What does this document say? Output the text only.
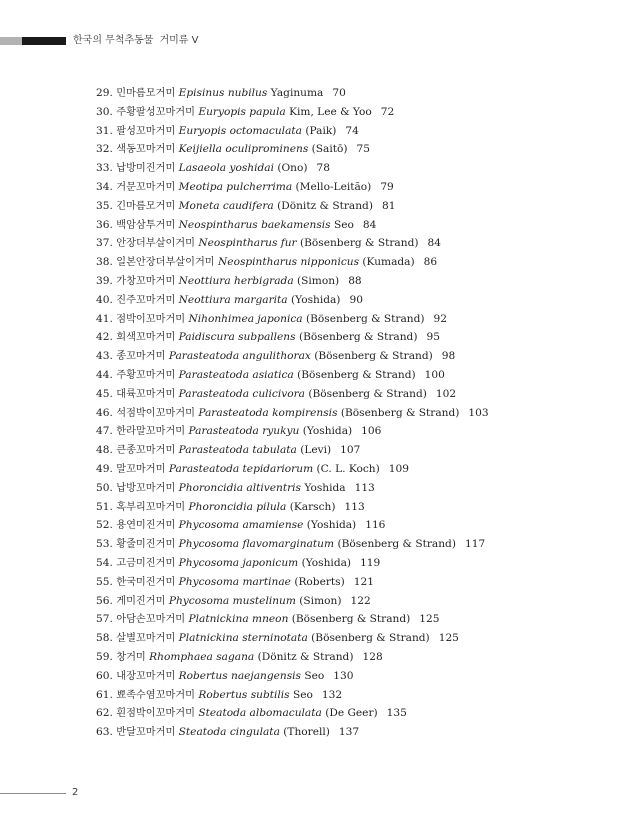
한국의 무척추동물 거미류 V
29. 민마름모거미 Episinus nubilus Yaginuma 70
30. 주황팔성꼬마거미 Euryopis papula Kim, Lee & Yoo 72
31. 팔성꼬마거미 Euryopis octomaculata (Paik) 74
32. 색동꼬마거미 Keijiella oculiprominens (Saitō) 75
33. 납방미진거미 Lasaeola yoshidai (Ono) 78
34. 거문꼬마거미 Meotipa pulcherrima (Mello-Leitão) 79
35. 긴마름모거미 Moneta caudifera (Dönitz & Strand) 81
36. 백암삼투거미 Neospintharus baekamensis Seo 84
37. 안장더부살이거미 Neospintharus fur (Bösenberg & Strand) 84
38. 일본안장더부살이거미 Neospintharus nipponicus (Kumada) 86
39. 가창꼬마거미 Neottiura herbigrada (Simon) 88
40. 진주꼬마거미 Neottiura margarita (Yoshida) 90
41. 점박이꼬마거미 Nihonhimea japonica (Bösenberg & Strand) 92
42. 회색꼬마거미 Paidiscura subpallens (Bösenberg & Strand) 95
43. 종꼬마거미 Parasteatoda angulithorax (Bösenberg & Strand) 98
44. 주황꼬마거미 Parasteatoda asiatica (Bösenberg & Strand) 100
45. 대륙꼬마거미 Parasteatoda culicivora (Bösenberg & Strand) 102
46. 석점박이꼬마거미 Parasteatoda kompirensis (Bösenberg & Strand) 103
47. 한라말꼬마거미 Parasteatoda ryukyu (Yoshida) 106
48. 큰종꼬마거미 Parasteatoda tabulata (Levi) 107
49. 말꼬마거미 Parasteatoda tepidariorum (C. L. Koch) 109
50. 납방꼬마거미 Phoroncidia altiventris Yoshida 113
51. 혹부리꼬마거미 Phoroncidia pilula (Karsch) 113
52. 용연미진거미 Phycosoma amamiense (Yoshida) 116
53. 황줄미진거미 Phycosoma flavomarginatum (Bösenberg & Strand) 117
54. 고금미진거미 Phycosoma japonicum (Yoshida) 119
55. 한국미진거미 Phycosoma martinae (Roberts) 121
56. 게미진거미 Phycosoma mustelinum (Simon) 122
57. 아담손꼬마거미 Platnickina mneon (Bösenberg & Strand) 125
58. 살별꼬마거미 Platnickina sterninotata (Bösenberg & Strand) 125
59. 창거미 Rhomphaea sagana (Dönitz & Strand) 128
60. 내장꼬마거미 Robertus naejangensis Seo 130
61. 뾰족수염꼬마거미 Robertus subtilis Seo 132
62. 흰점박이꼬마거미 Steatoda albomaculata (De Geer) 135
63. 반달꼬마거미 Steatoda cingulata (Thorell) 137
2
